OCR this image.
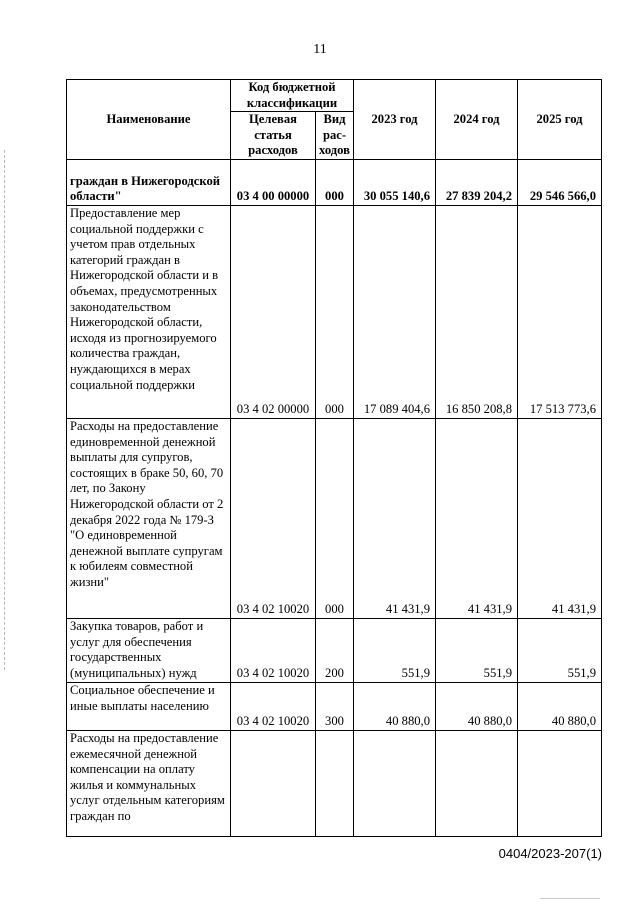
11
Наименование	Код бюджетной классификации		2023 год	2024 год	2025 год
	Целевая статья расходов	Вид рас-ходов			
граждан в Нижегородской области"	03 4 00 00000	000	30 055 140,6	27 839 204,2	29 546 566,0
Предоставление мер социальной поддержки с учетом прав отдельных категорий граждан в Нижегородской области и в объемах, предусмотренных законодательством Нижегородской области, исходя из прогнозируемого количества граждан, нуждающихся в мерах социальной поддержки	03 4 02 00000	000	17 089 404,6	16 850 208,8	17 513 773,6
Расходы на предоставление единовременной денежной выплаты для супругов, состоящих в браке 50, 60, 70 лет, по Закону Нижегородской области от 2 декабря 2022 года № 179-З "О единовременной денежной выплате супругам к юбилеям совместной жизни"	03 4 02 10020	000	41 431,9	41 431,9	41 431,9
Закупка товаров, работ и услуг для обеспечения государственных (муниципальных) нужд	03 4 02 10020	200	551,9	551,9	551,9
Социальное обеспечение и иные выплаты населению	03 4 02 10020	300	40 880,0	40 880,0	40 880,0
Расходы на предоставление ежемесячной денежной компенсации на оплату жилья и коммунальных услуг отдельным категориям граждан по					
0404/2023-207(1)
